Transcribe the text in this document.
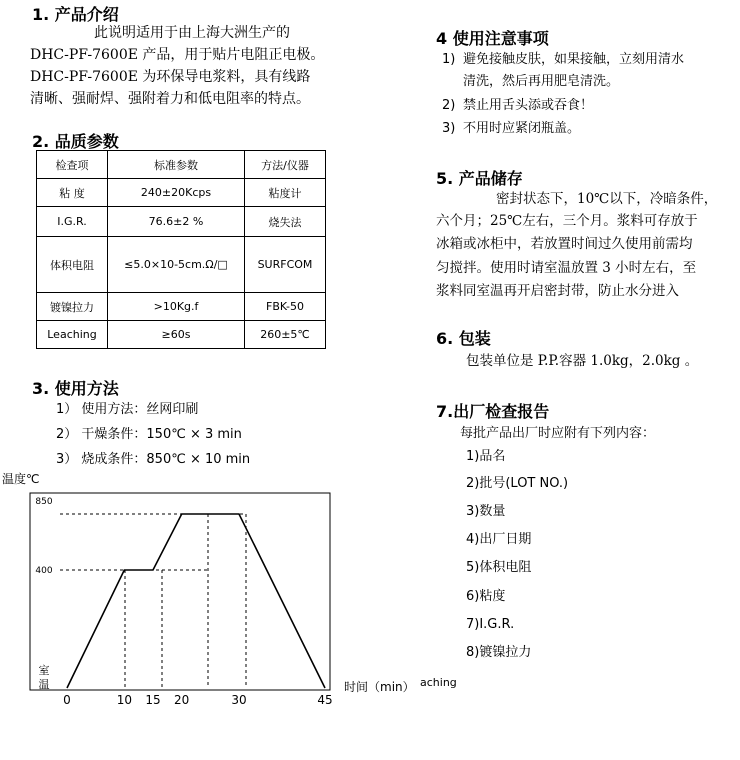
1. 产品介绍
此说明适用于由上海大洲生产的
DHC-PF-7600E 产品，用于贴片电阻正电极。
DHC-PF-7600E 为环保导电浆料，具有线路
清晰、强耐焊、强附着力和低电阻率的特点。
2. 品质参数
检查项	标准参数	方法/仪器
粘 度	240±20Kcps	粘度计
I.G.R.	76.6±2 %	烧失法
体积电阻	≤5.0×10-5cm.Ω/□	SURFCOM
镀镍拉力	>10Kg.f	FBK-50
Leaching	≥60s	260±5℃
3. 使用方法
1） 使用方法：丝网印刷
2） 干燥条件：150℃ × 3 min
3） 烧成条件：850℃ × 10 min
温度℃
850
400
室
温
0	10 15 20	30	45
时间（min） aching
4 使用注意事项
1) 避免接触皮肤，如果接触，立刻用清水
清洗，然后再用肥皂清洗。
2) 禁止用舌头添或吞食！
3) 不用时应紧闭瓶盖。
5. 产品储存
密封状态下，10℃以下，冷暗条件，
六个月；25℃左右，三个月。浆料可存放于
冰箱或冰柜中，若放置时间过久使用前需均
匀搅拌。使用时请室温放置 3 小时左右，至
浆料同室温再开启密封带，防止水分进入
6. 包装
包装单位是 P.P.容器 1.0kg，2.0kg 。
7.出厂检查报告
每批产品出厂时应附有下列内容：
1)品名
2)批号(LOT NO.)
3)数量
4)出厂日期
5)体积电阻
6)粘度
7)I.G.R.
8)镀镍拉力
